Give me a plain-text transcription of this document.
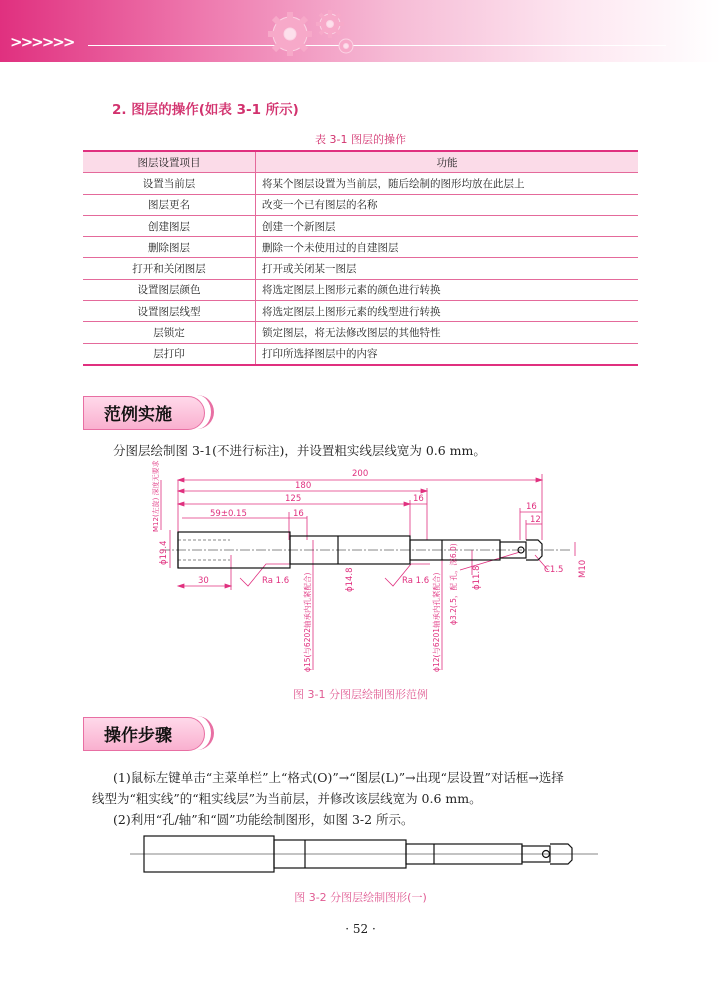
>>>>>>
2. 图层的操作(如表 3-1 所示)
表 3-1 图层的操作
图层设置项目	功能
设置当前层	将某个图层设置为当前层，随后绘制的图形均放在此层上
图层更名	改变一个已有图层的名称
创建图层	创建一个新图层
删除图层	删除一个未使用过的自建图层
打开和关闭图层	打开或关闭某一图层
设置图层颜色	将选定图层上图形元素的颜色进行转换
设置图层线型	将选定图层上图形元素的线型进行转换
层锁定	锁定图层，将无法修改图层的其他特性
层打印	打印所选择图层中的内容
范例实施
分图层绘制图 3-1(不进行标注)，并设置粗实线层线宽为 0.6 mm。
200
180
125	16
16
12
59±0.15	16
30
C1.5 M10
ϕ19.4
M12(左旋) 深度无要求
ϕ14.8	ϕ11.8
Ra 1.6	Ra 1.6
ϕ15(与6202轴承内孔紧配合)	ϕ12(与6201轴承内孔紧配合) ϕ3.2(.5，配 孔，深6.0)
图 3-1 分图层绘制图形范例
操作步骤
(1)鼠标左键单击“主菜单栏”上“格式(O)”→“图层(L)”→出现“层设置”对话框→选择
线型为“粗实线”的“粗实线层”为当前层，并修改该层线宽为 0.6 mm。
(2)利用“孔/轴”和“圆”功能绘制图形，如图 3-2 所示。
图 3-2 分图层绘制图形(一)
· 52 ·
